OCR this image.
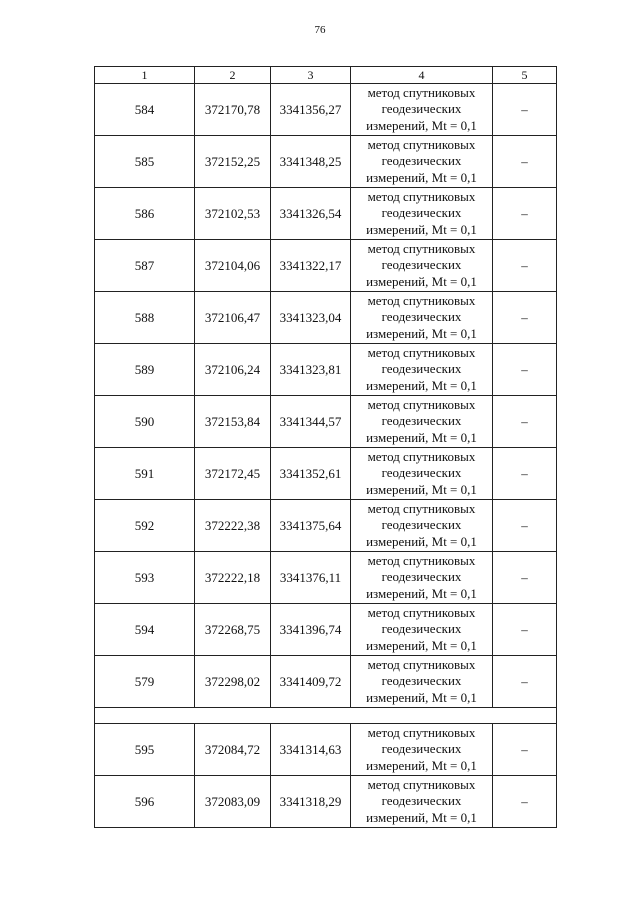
76
1	2	3	4	5
584	372170,78	3341356,27	метод спутниковых
геодезических
измерений, Mt = 0,1	–
585	372152,25	3341348,25	метод спутниковых
геодезических
измерений, Mt = 0,1	–
586	372102,53	3341326,54	метод спутниковых
геодезических
измерений, Mt = 0,1	–
587	372104,06	3341322,17	метод спутниковых
геодезических
измерений, Mt = 0,1	–
588	372106,47	3341323,04	метод спутниковых
геодезических
измерений, Mt = 0,1	–
589	372106,24	3341323,81	метод спутниковых
геодезических
измерений, Mt = 0,1	–
590	372153,84	3341344,57	метод спутниковых
геодезических
измерений, Mt = 0,1	–
591	372172,45	3341352,61	метод спутниковых
геодезических
измерений, Mt = 0,1	–
592	372222,38	3341375,64	метод спутниковых
геодезических
измерений, Mt = 0,1	–
593	372222,18	3341376,11	метод спутниковых
геодезических
измерений, Mt = 0,1	–
594	372268,75	3341396,74	метод спутниковых
геодезических
измерений, Mt = 0,1	–
579	372298,02	3341409,72	метод спутниковых
геодезических
измерений, Mt = 0,1	–

595	372084,72	3341314,63	метод спутниковых
геодезических
измерений, Mt = 0,1	–
596	372083,09	3341318,29	метод спутниковых
геодезических
измерений, Mt = 0,1	–
